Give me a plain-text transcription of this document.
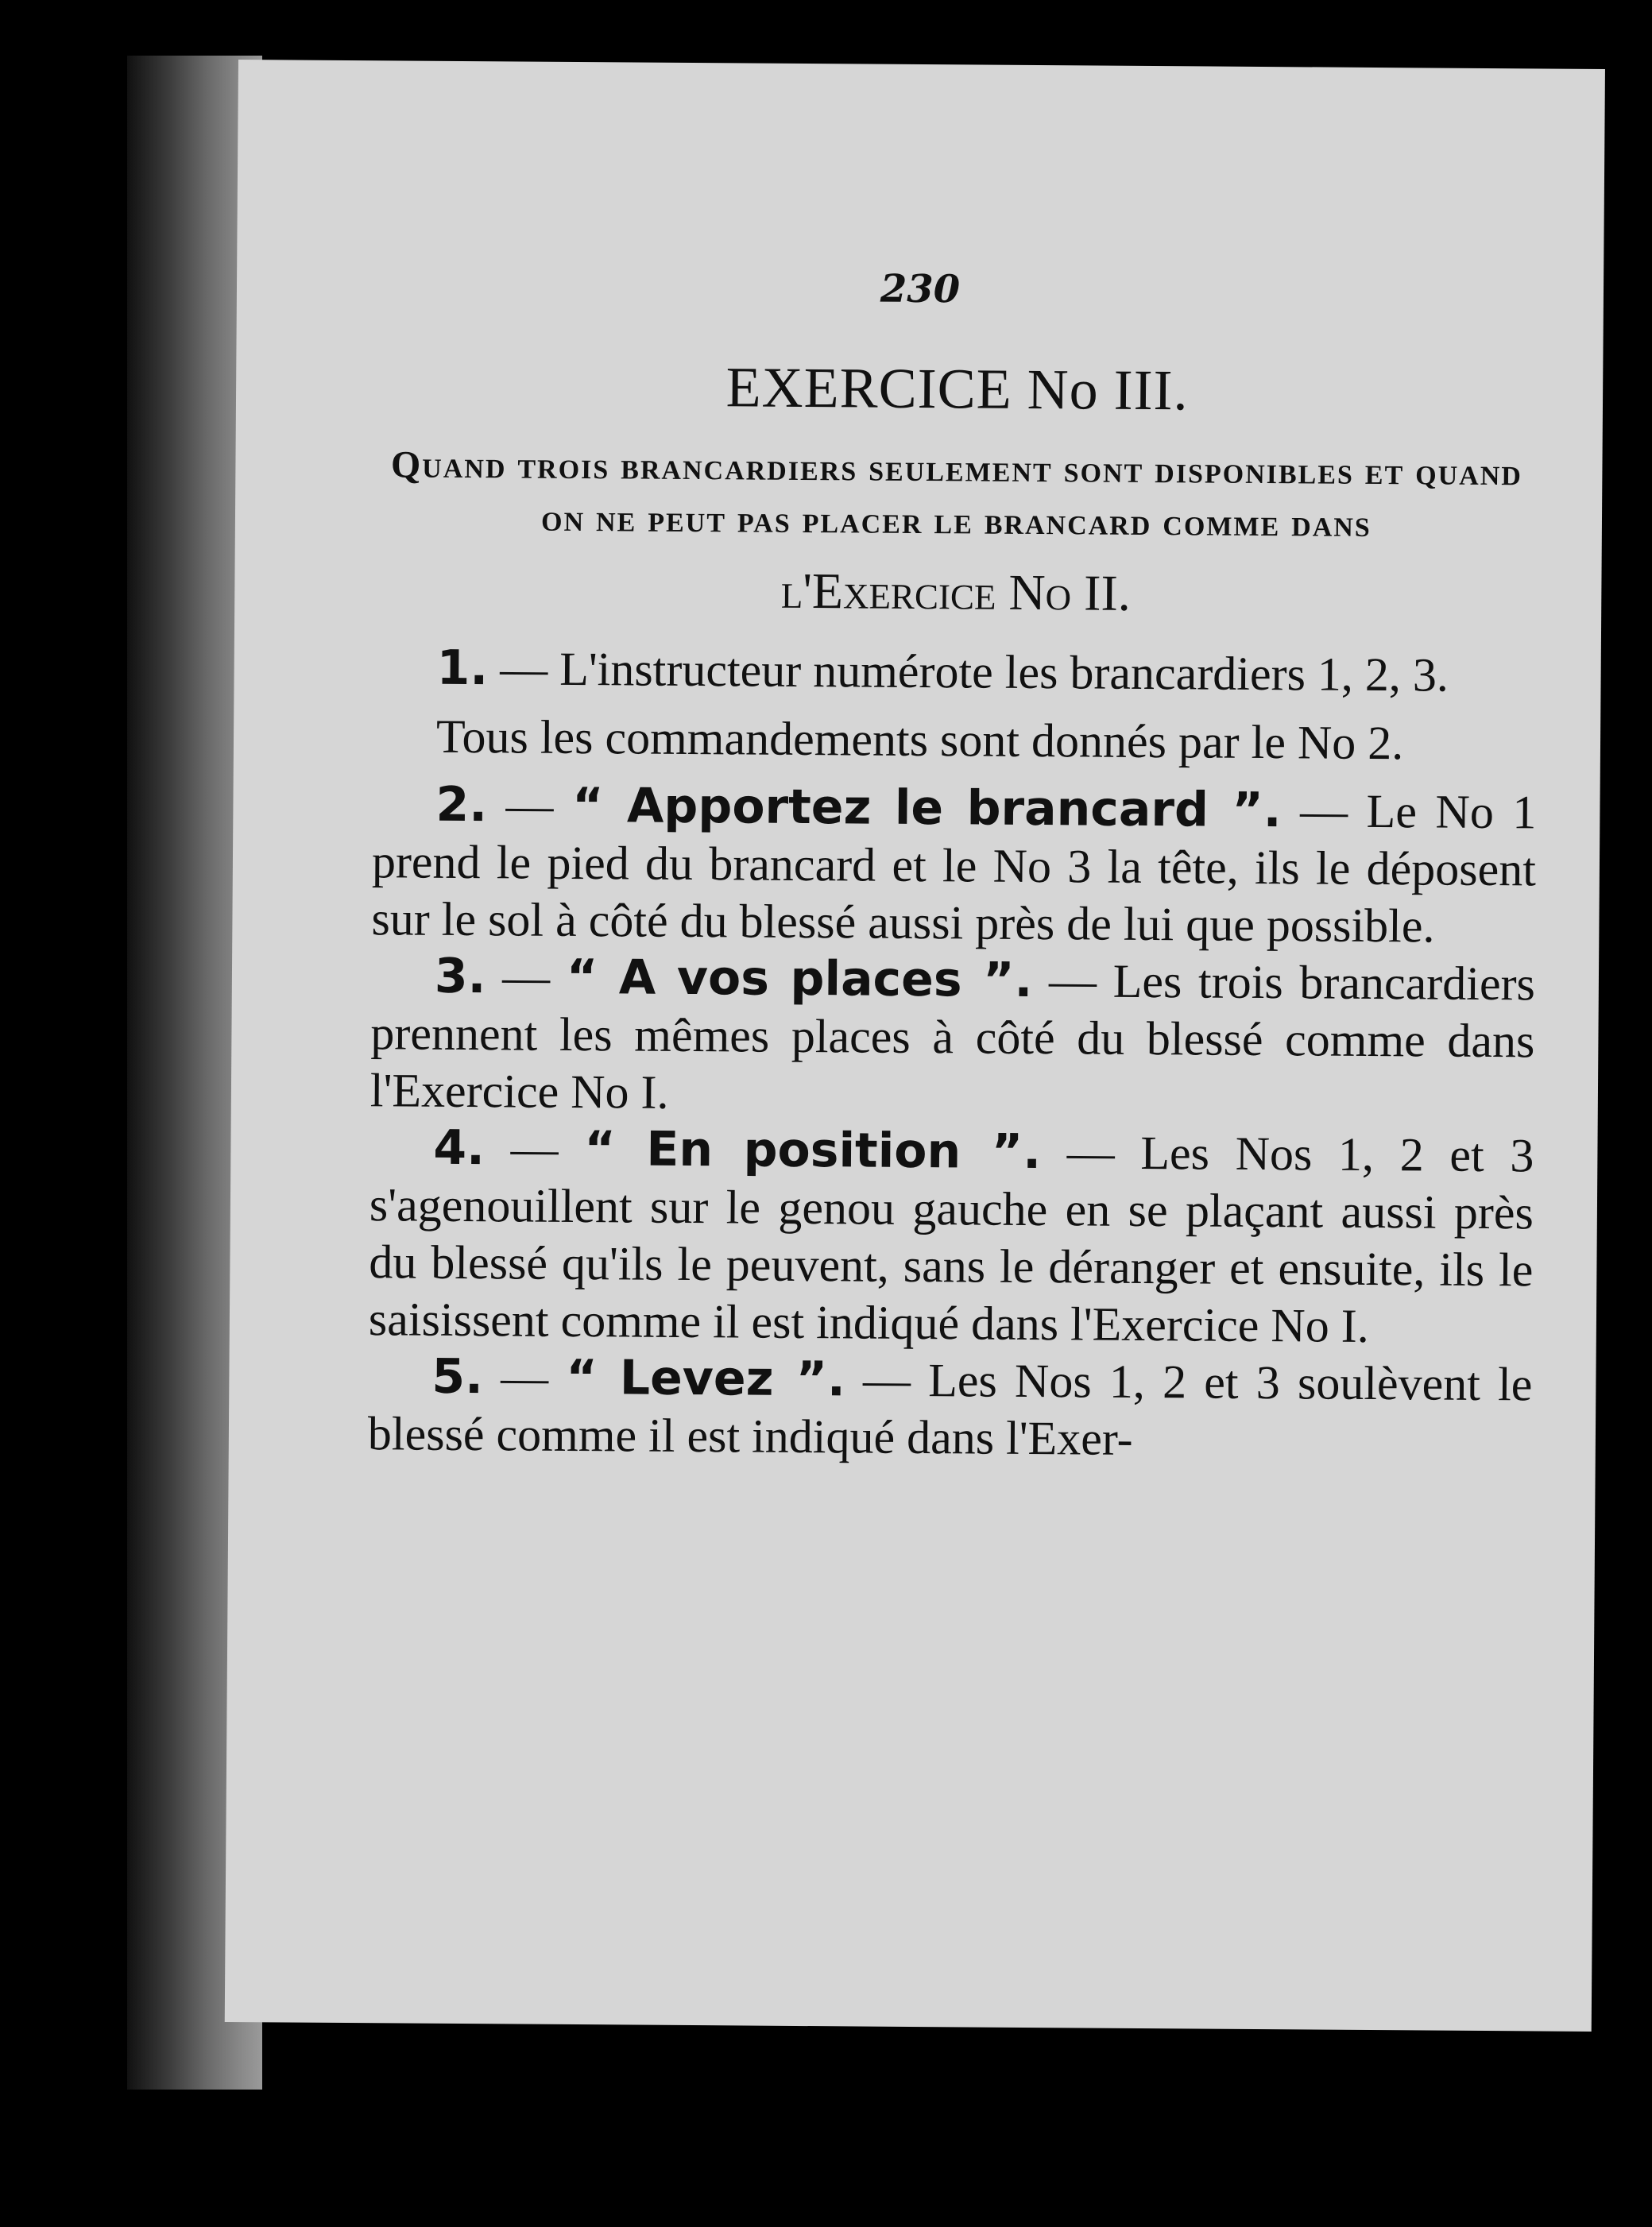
230
EXERCICE No III.
Quand trois brancardiers seulement sont disponibles et quand on ne peut pas placer le brancard comme dans
l'Exercice No II.

1. — L'instructeur numérote les brancardiers 1, 2, 3.

Tous les commandements sont donnés par le No 2.

2. — “ Apportez le brancard ”. — Le No 1 prend le pied du brancard et le No 3 la tête, ils le déposent sur le sol à côté du blessé aussi près de lui que possible.

3. — “ A vos places ”. — Les trois brancardiers prennent les mêmes places à côté du blessé comme dans l'Exercice No I.

4. — “ En position ”. — Les Nos 1, 2 et 3 s'agenouillent sur le genou gauche en se plaçant aussi près du blessé qu'ils le peuvent, sans le déranger et ensuite, ils le saisissent comme il est indiqué dans l'Exercice No I.

5. — “ Levez ”. — Les Nos 1, 2 et 3 soulèvent le blessé comme il est indiqué dans l'Exer-
